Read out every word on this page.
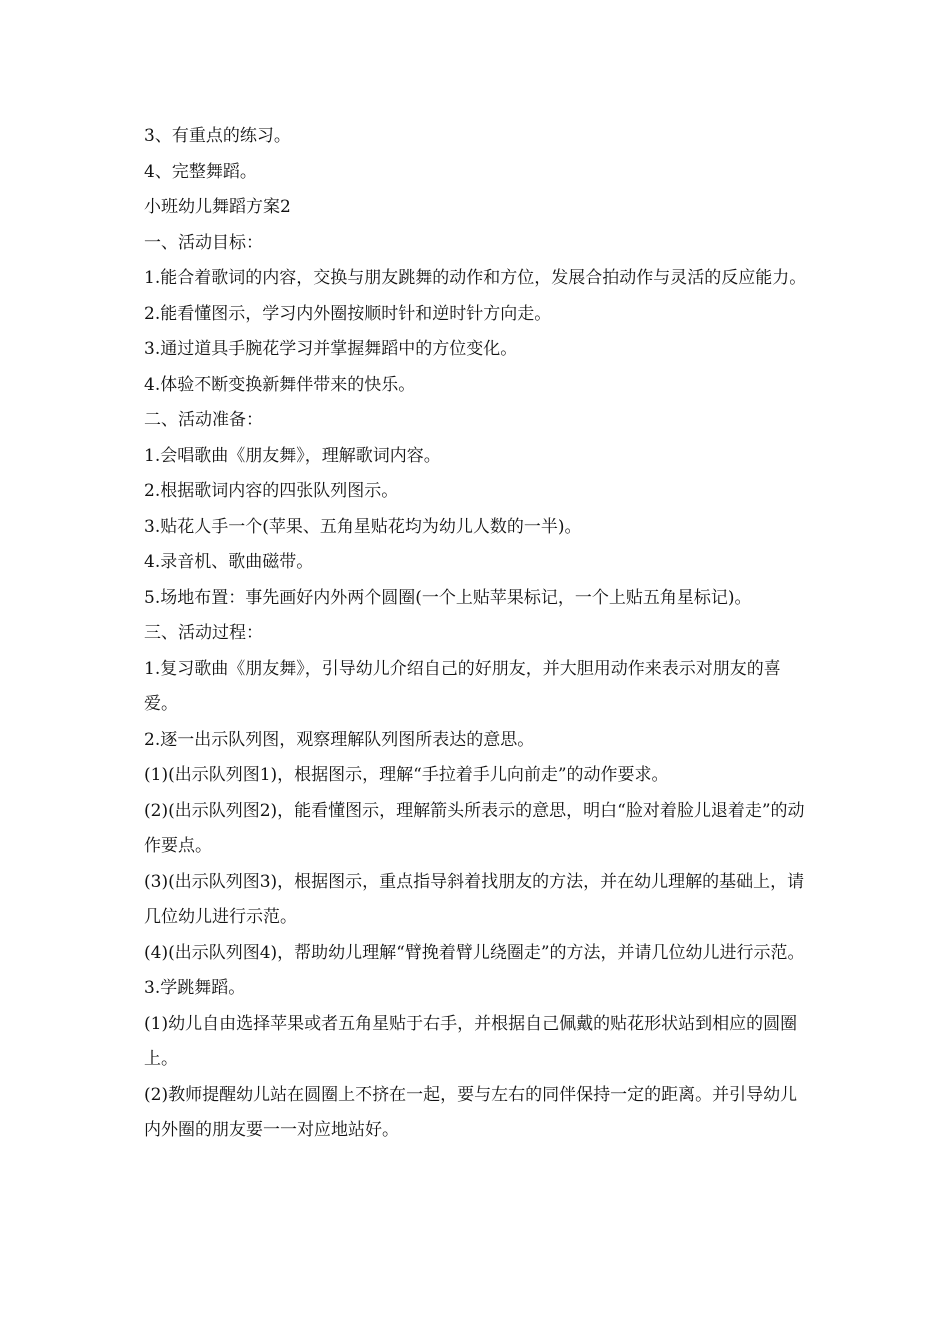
3、有重点的练习。

4、完整舞蹈。

小班幼儿舞蹈方案2

一、活动目标：

1.能合着歌词的内容，交换与朋友跳舞的动作和方位，发展合拍动作与灵活的反应能力。

2.能看懂图示，学习内外圈按顺时针和逆时针方向走。

3.通过道具手腕花学习并掌握舞蹈中的方位变化。

4.体验不断变换新舞伴带来的快乐。

二、活动准备：

1.会唱歌曲《朋友舞》，理解歌词内容。

2.根据歌词内容的四张队列图示。

3.贴花人手一个(苹果、五角星贴花均为幼儿人数的一半)。

4.录音机、歌曲磁带。

5.场地布置：事先画好内外两个圆圈(一个上贴苹果标记，一个上贴五角星标记)。

三、活动过程：

1.复习歌曲《朋友舞》，引导幼儿介绍自己的好朋友，并大胆用动作来表示对朋友的喜爱。

2.逐一出示队列图，观察理解队列图所表达的意思。

(1)(出示队列图1)，根据图示，理解“手拉着手儿向前走”的动作要求。

(2)(出示队列图2)，能看懂图示，理解箭头所表示的意思，明白“脸对着脸儿退着走”的动作要点。

(3)(出示队列图3)，根据图示，重点指导斜着找朋友的方法，并在幼儿理解的基础上，请几位幼儿进行示范。

(4)(出示队列图4)，帮助幼儿理解“臂挽着臂儿绕圈走”的方法，并请几位幼儿进行示范。

3.学跳舞蹈。

(1)幼儿自由选择苹果或者五角星贴于右手，并根据自己佩戴的贴花形状站到相应的圆圈上。

(2)教师提醒幼儿站在圆圈上不挤在一起，要与左右的同伴保持一定的距离。并引导幼儿内外圈的朋友要一一对应地站好。
